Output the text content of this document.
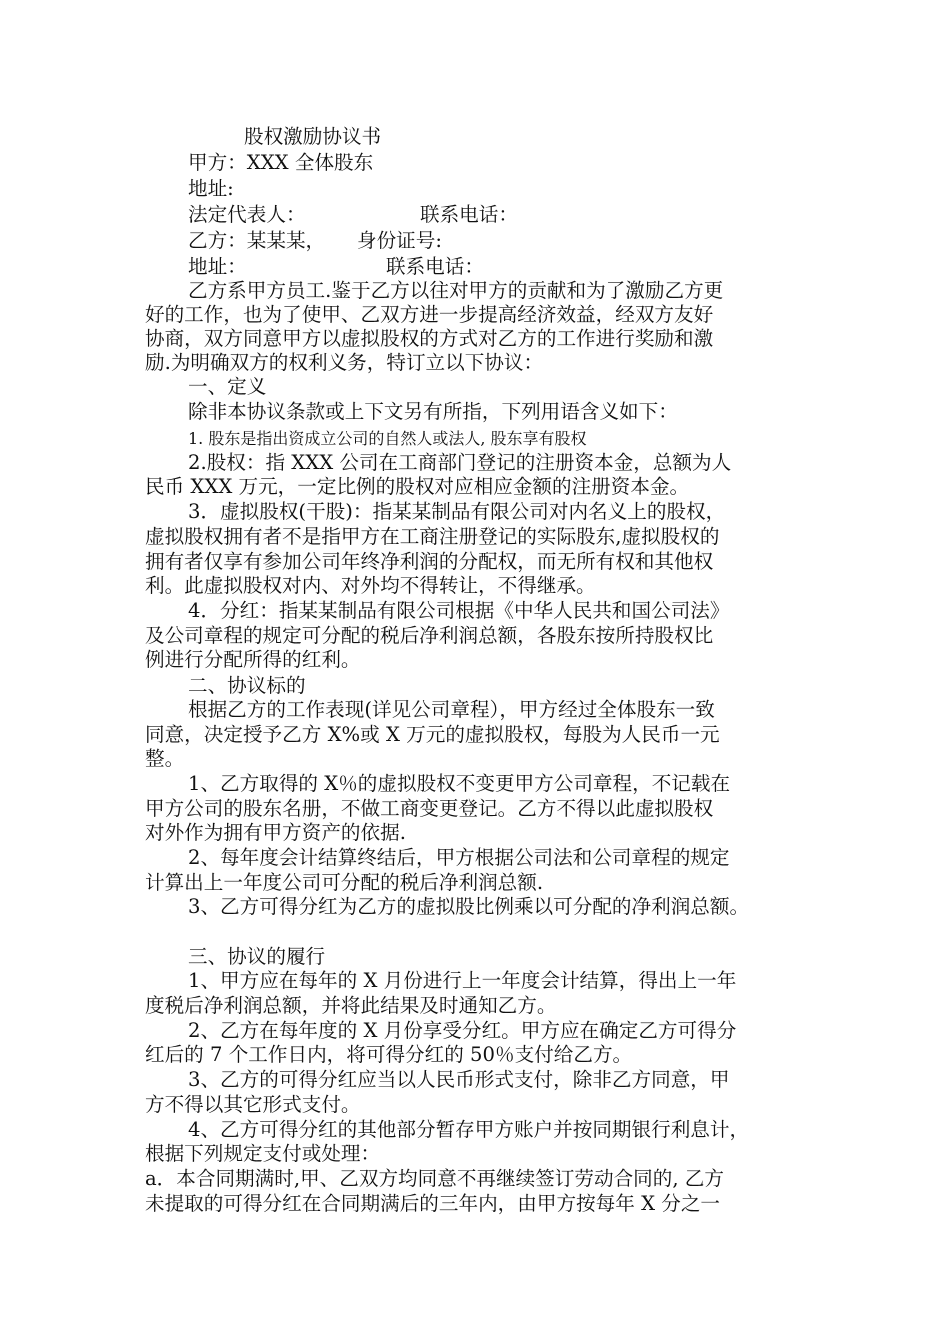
股权激励协议书
甲方：XXX 全体股东
地址:
法定代表人：	联系电话：
乙方：某某某， 身份证号:
地址：	联系电话：
乙方系甲方员工.鉴于乙方以往对甲方的贡献和为了激励乙方更
好的工作，也为了使甲、乙双方进一步提高经济效益，经双方友好
协商，双方同意甲方以虚拟股权的方式对乙方的工作进行奖励和激
励.为明确双方的权利义务，特订立以下协议：
一、定义
除非本协议条款或上下文另有所指，下列用语含义如下：
1. 股东是指出资成立公司的自然人或法人, 股东享有股权
2.股权：指 XXX 公司在工商部门登记的注册资本金，总额为人
民币 XXX 万元，一定比例的股权对应相应金额的注册资本金。
3．虚拟股权(干股)：指某某制品有限公司对内名义上的股权，
虚拟股权拥有者不是指甲方在工商注册登记的实际股东,虚拟股权的
拥有者仅享有参加公司年终净利润的分配权，而无所有权和其他权
利。此虚拟股权对内、对外均不得转让，不得继承。
4．分红：指某某制品有限公司根据《中华人民共和国公司法》
及公司章程的规定可分配的税后净利润总额，各股东按所持股权比
例进行分配所得的红利。
二、协议标的
根据乙方的工作表现(详见公司章程），甲方经过全体股东一致
同意，决定授予乙方 X%或 X 万元的虚拟股权，每股为人民币一元
整。
1、乙方取得的 X％的虚拟股权不变更甲方公司章程，不记载在
甲方公司的股东名册，不做工商变更登记。乙方不得以此虚拟股权
对外作为拥有甲方资产的依据.
2、每年度会计结算终结后，甲方根据公司法和公司章程的规定
计算出上一年度公司可分配的税后净利润总额.
3、乙方可得分红为乙方的虚拟股比例乘以可分配的净利润总额。
三、协议的履行
1、甲方应在每年的 X 月份进行上一年度会计结算，得出上一年
度税后净利润总额，并将此结果及时通知乙方。
2、乙方在每年度的 X 月份享受分红。甲方应在确定乙方可得分
红后的 7 个工作日内，将可得分红的 50％支付给乙方。
3、乙方的可得分红应当以人民币形式支付，除非乙方同意，甲
方不得以其它形式支付。
4、乙方可得分红的其他部分暂存甲方账户并按同期银行利息计，
根据下列规定支付或处理：
a．本合同期满时,甲、乙双方均同意不再继续签订劳动合同的, 乙方
未提取的可得分红在合同期满后的三年内，由甲方按每年 X 分之一
